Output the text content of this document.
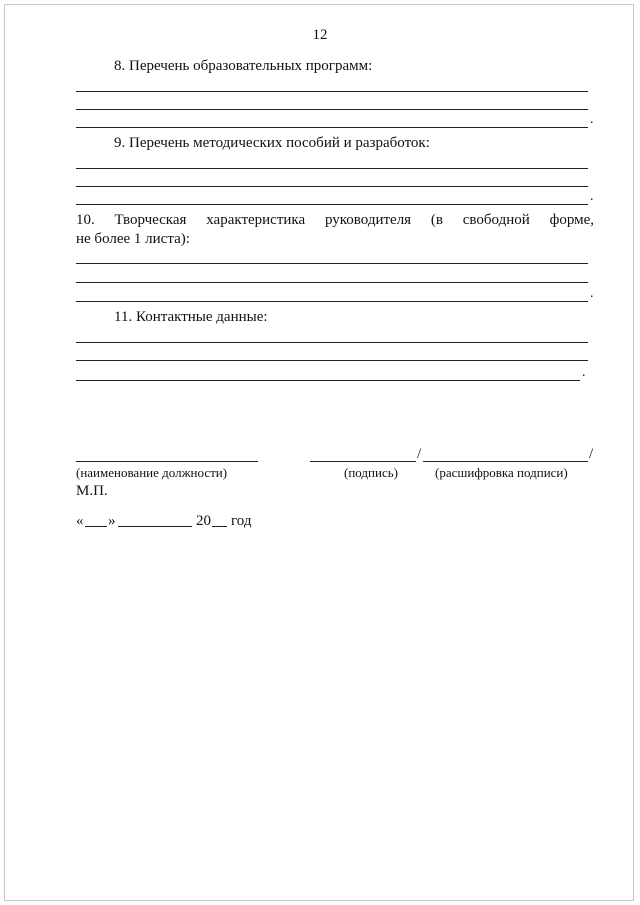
12
8. Перечень образовательных программ:
.
9. Перечень методических пособий и разработок:
.
10. Творческая характеристика руководителя (в свободной форме,
не более 1 листа):
.
11. Контактные данные:
.
/	/
(наименование должности)	(подпись)	(расшифровка подписи)
М.П.
« »	20 год
